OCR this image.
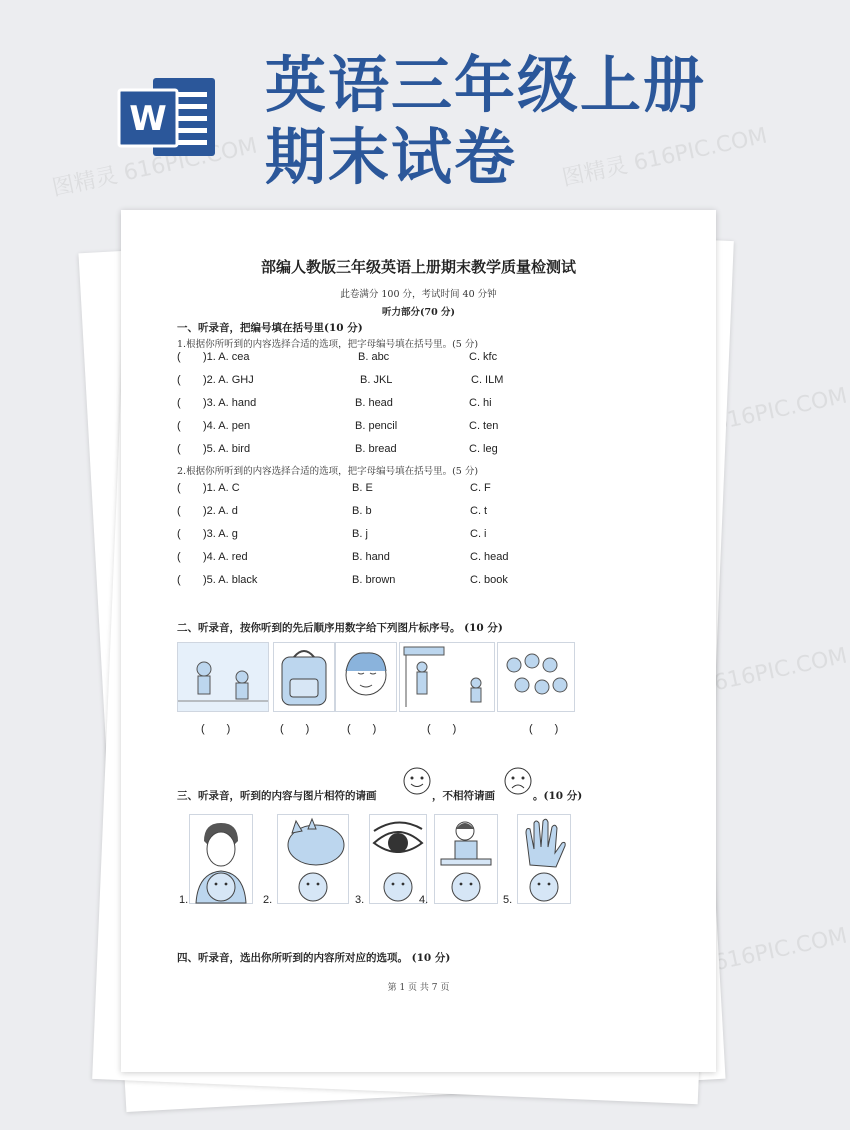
图精灵 616PIC.COM	图精灵 616PIC.COM
图精灵 616PIC.COM
图精灵 616PIC.COM
图精灵 616PIC.COM
W 英语三年级上册
期末试卷
部编人教版三年级英语上册期末教学质量检测试
此卷满分 100 分，考试时间 40 分钟
听力部分(70 分)
一、听录音，把编号填在括号里(10 分)
1.根据你所听到的内容选择合适的选项，把字母编号填在括号里。(5 分)
( )1. A. cea	B. abc	C. kfc
( )2. A. GHJ	B. JKL	C. ILM
( )3. A. hand	B. head	C. hi
( )4. A. pen	B. pencil	C. ten
( )5. A. bird	B. bread	C. leg
2.根据你所听到的内容选择合适的选项，把字母编号填在括号里。(5 分)
( )1. A. C	B. E	C. F
( )2. A. d	B. b	C. t
( )3. A. g	B. j	C. i
( )4. A. red	B. hand	C. head
( )5. A. black	B. brown	C. book
二、听录音，按你听到的先后顺序用数字给下列图片标序号。 (10 分)
(　　)	(　　)	(　　)	(　　)	(　　)
三、听录音，听到的内容与图片相符的请画	，不相符请画	。(10 分)
1.	2.	3.	4.	5.
四、听录音，选出你所听到的内容所对应的选项。 (10 分)
第 1 页 共 7 页
